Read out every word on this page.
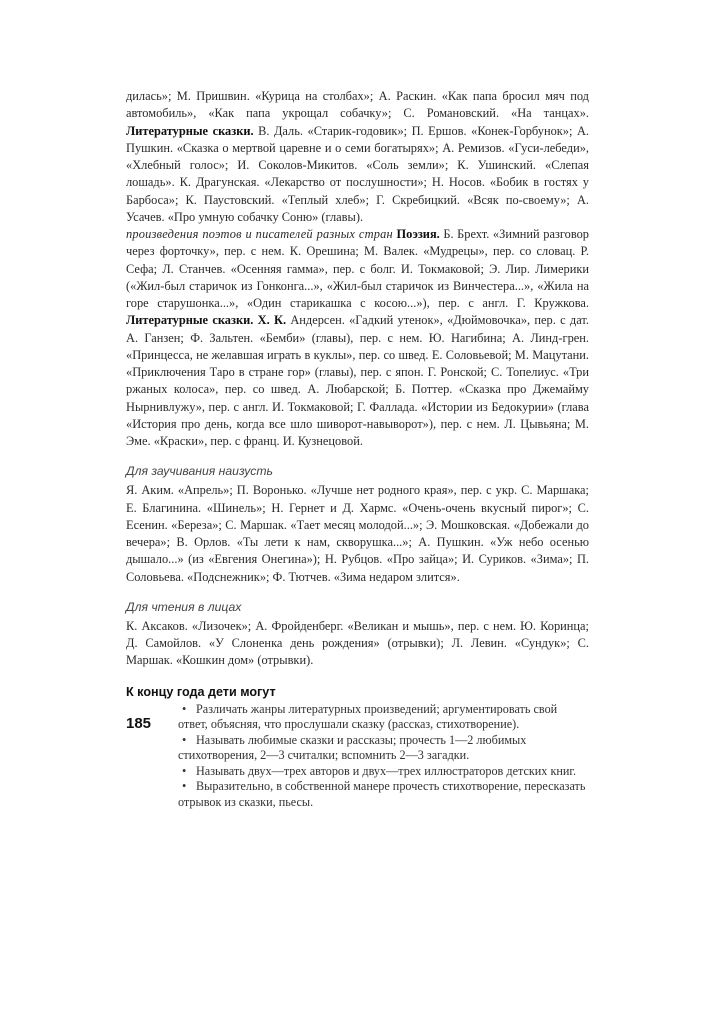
дилась»; М. Пришвин. «Курица на столбах»; А. Раскин. «Как папа бросил мяч под автомобиль», «Как папа укрощал собачку»; С. Романовский. «На танцах». Литературные сказки. В. Даль. «Старик-годовик»; П. Ершов. «Конек-Горбунок»; А. Пушкин. «Сказка о мертвой царевне и о семи богатырях»; А. Ремизов. «Гуси-лебеди», «Хлебный голос»; И. Соколов-Микитов. «Соль земли»; К. Ушинский. «Слепая лошадь». К. Драгунская. «Лекарство от послушности»; Н. Носов. «Бобик в гостях у Барбоса»; К. Паустовский. «Теплый хлеб»; Г. Скребицкий. «Всяк по-своему»; А. Усачев. «Про умную собачку Соню» (главы).

произведения поэтов и писателей разных стран Поэзия. Б. Брехт. «Зимний разговор через форточку», пер. с нем. К. Орешина; М. Валек. «Мудрецы», пер. со словац. Р. Сефа; Л. Станчев. «Осенняя гамма», пер. с болг. И. Токмаковой; Э. Лир. Лимерики («Жил-был старичок из Гонконга...», «Жил-был старичок из Винчестера...», «Жила на горе старушонка...», «Один старикашка с косою...»), пер. с англ. Г. Кружкова. Литературные сказки. Х. К. Андерсен. «Гадкий утенок», «Дюймовочка», пер. с дат. А. Ганзен; Ф. Зальтен. «Бемби» (главы), пер. с нем. Ю. Нагибина; А. Линд-грен. «Принцесса, не желавшая играть в куклы», пер. со швед. Е. Соловьевой; М. Мацутани. «Приключения Таро в стране гор» (главы), пер. с япон. Г. Ронской; С. Топелиус. «Три ржаных колоса», пер. со швед. А. Любарской; Б. Поттер. «Сказка про Джемайму Нырнивлужу», пер. с англ. И. Токмаковой; Г. Фаллада. «Истории из Бедокурии» (глава «История про день, когда все шло шиворот-навыворот»), пер. с нем. Л. Цывьяна; М. Эме. «Краски», пер. с франц. И. Кузнецовой.

Для заучивания наизусть

Я. Аким. «Апрель»; П. Воронько. «Лучше нет родного края», пер. с укр. С. Маршака; Е. Благинина. «Шинель»; Н. Гернет и Д. Хармс. «Очень-очень вкусный пирог»; С. Есенин. «Береза»; С. Маршак. «Тает месяц молодой...»; Э. Мошковская. «Добежали до вечера»; В. Орлов. «Ты лети к нам, скворушка...»; А. Пушкин. «Уж небо осенью дышало...» (из «Евгения Онегина»); Н. Рубцов. «Про зайца»; И. Суриков. «Зима»; П. Соловьева. «Подснежник»; Ф. Тютчев. «Зима недаром злится».

Для чтения в лицах

К. Аксаков. «Лизочек»; А. Фройденберг. «Великан и мышь», пер. с нем. Ю. Коринца; Д. Самойлов. «У Слоненка день рождения» (отрывки); Л. Левин. «Сундук»; С. Маршак. «Кошкин дом» (отрывки).

К концу года дети могут
• Различать жанры литературных произведений; аргументировать свой ответ, объясняя, что прослушали сказку (рассказ, стихотворение).
• Называть любимые сказки и рассказы; прочесть 1—2 любимых стихотворения, 2—3 считалки; вспомнить 2—3 загадки.
• Называть двух—трех авторов и двух—трех иллюстраторов детских книг.
• Выразительно, в собственной манере прочесть стихотворение, пересказать отрывок из сказки, пьесы.
185
